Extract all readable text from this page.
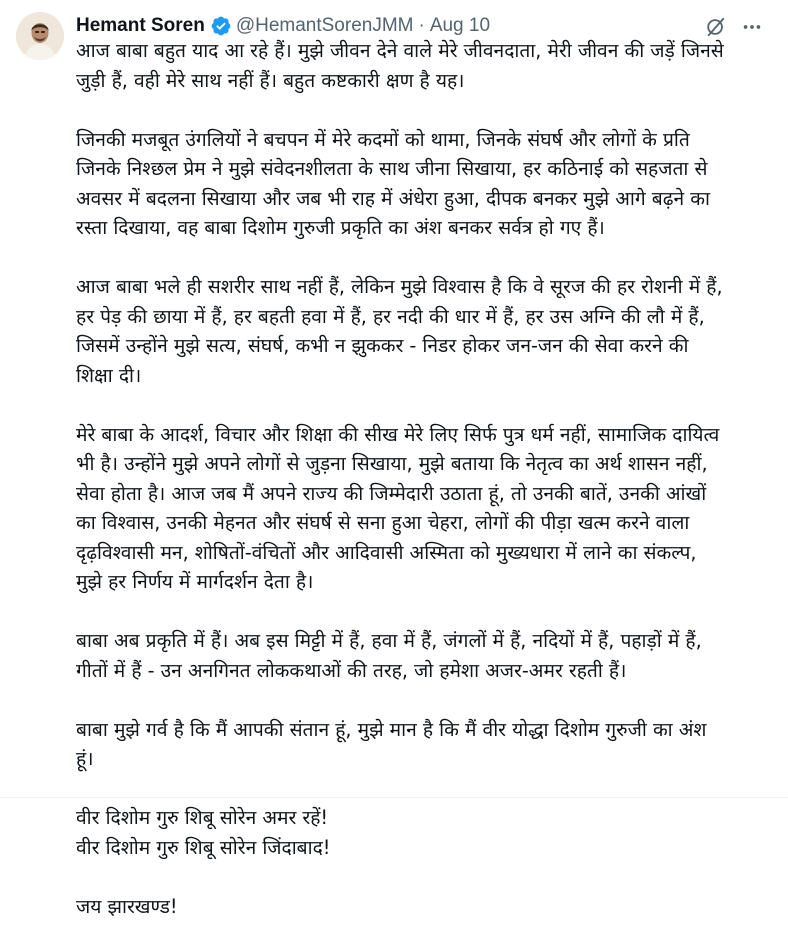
Hemant Soren @HemantSorenJMM · Aug 10
आज बाबा बहुत याद आ रहे हैं। मुझे जीवन देने वाले मेरे जीवनदाता, मेरी जीवन की जड़ें जिनसे
जुड़ी हैं, वही मेरे साथ नहीं हैं। बहुत कष्टकारी क्षण है यह।
जिनकी मजबूत उंगलियों ने बचपन में मेरे कदमों को थामा, जिनके संघर्ष और लोगों के प्रति
जिनके निश्छल प्रेम ने मुझे संवेदनशीलता के साथ जीना सिखाया, हर कठिनाई को सहजता से
अवसर में बदलना सिखाया और जब भी राह में अंधेरा हुआ, दीपक बनकर मुझे आगे बढ़ने का
रस्ता दिखाया, वह बाबा दिशोम गुरुजी प्रकृति का अंश बनकर सर्वत्र हो गए हैं।
आज बाबा भले ही सशरीर साथ नहीं हैं, लेकिन मुझे विश्वास है कि वे सूरज की हर रोशनी में हैं,
हर पेड़ की छाया में हैं, हर बहती हवा में हैं, हर नदी की धार में हैं, हर उस अग्नि की लौ में हैं,
जिसमें उन्होंने मुझे सत्य, संघर्ष, कभी न झुककर - निडर होकर जन-जन की सेवा करने की
शिक्षा दी।
मेरे बाबा के आदर्श, विचार और शिक्षा की सीख मेरे लिए सिर्फ पुत्र धर्म नहीं, सामाजिक दायित्व
भी है। उन्होंने मुझे अपने लोगों से जुड़ना सिखाया, मुझे बताया कि नेतृत्व का अर्थ शासन नहीं,
सेवा होता है। आज जब मैं अपने राज्य की जिम्मेदारी उठाता हूं, तो उनकी बातें, उनकी आंखों
का विश्वास, उनकी मेहनत और संघर्ष से सना हुआ चेहरा, लोगों की पीड़ा खत्म करने वाला
दृढ़विश्वासी मन, शोषितों-वंचितों और आदिवासी अस्मिता को मुख्यधारा में लाने का संकल्प,
मुझे हर निर्णय में मार्गदर्शन देता है।
बाबा अब प्रकृति में हैं। अब इस मिट्टी में हैं, हवा में हैं, जंगलों में हैं, नदियों में हैं, पहाड़ों में हैं,
गीतों में हैं - उन अनगिनत लोककथाओं की तरह, जो हमेशा अजर-अमर रहती हैं।
बाबा मुझे गर्व है कि मैं आपकी संतान हूं, मुझे मान है कि मैं वीर योद्धा दिशोम गुरुजी का अंश
हूं।
वीर दिशोम गुरु शिबू सोरेन अमर रहें!
वीर दिशोम गुरु शिबू सोरेन जिंदाबाद!
जय झारखण्ड!
